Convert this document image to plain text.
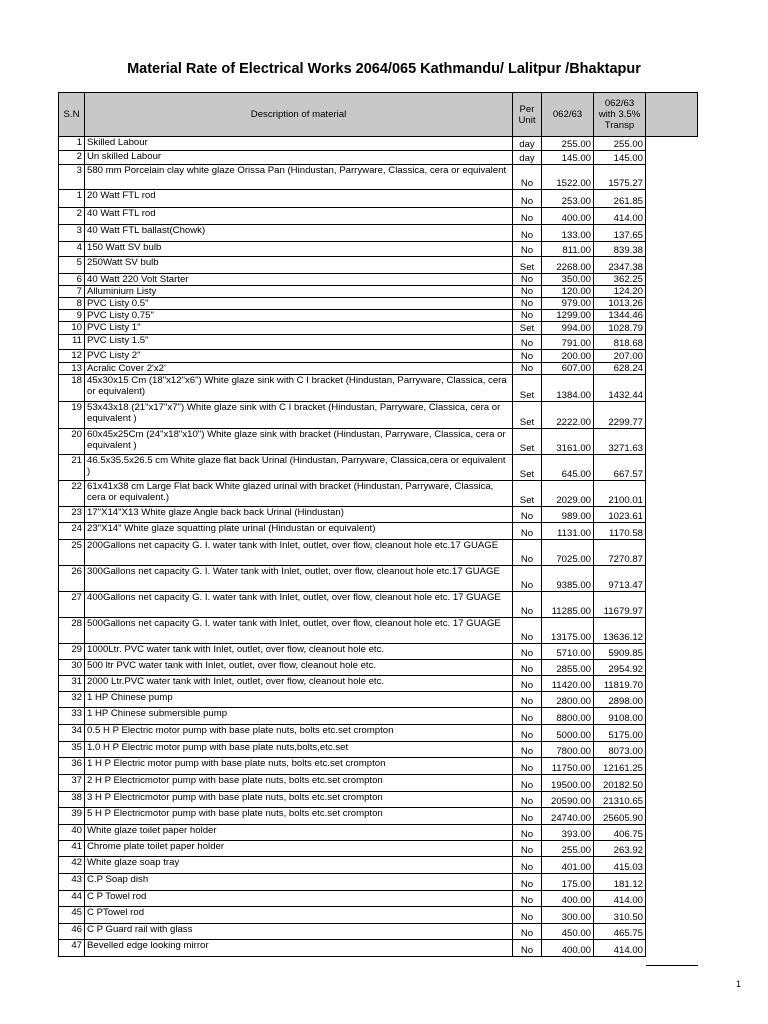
Material Rate of Electrical Works 2064/065 Kathmandu/ Lalitpur /Bhaktapur
S.N	Description of material	Per Unit	062/63	062/63 with 3.5% Transp	
1	Skilled Labour	day	255.00	255.00	
2	Un skilled Labour	day	145.00	145.00	
3	580 mm Porcelain clay white glaze Orissa Pan (Hindustan, Parryware, Classica, cera or equivalent	No	1522.00	1575.27	
1	20 Watt FTL rod	No	253.00	261.85	
2	40 Watt FTL rod	No	400.00	414.00	
3	40 Watt FTL ballast(Chowk)	No	133.00	137.65	
4	150 Watt SV bulb	No	811.00	839.38	
5	250Watt SV bulb	Set	2268.00	2347.38	
6	40 Watt 220 Volt Starter	No	350.00	362.25	
7	Alluminium Listy	No	120.00	124.20	
8	PVC Listy 0.5"	No	979.00	1013.26	
9	PVC Listy 0.75"	No	1299.00	1344.46	
10	PVC Listy 1"	Set	994.00	1028.79	
11	PVC Listy 1.5"	No	791.00	818.68	
12	PVC Listy 2"	No	200.00	207.00	
13	Acralic Cover 2'x2'	No	607.00	628.24	
18	45x30x15 Cm (18"x12"x6") White glaze sink with C I bracket (Hindustan, Parryware, Classica, cera or equivalent)	Set	1384.00	1432.44	
19	53x43x18 (21"x17"x7") White glaze sink with C I bracket (Hindustan, Parryware, Classica, cera or equivalent )	Set	2222.00	2299.77	
20	60x45x25Cm (24"x18"x10") White glaze sink with bracket (Hindustan, Parryware, Classica, cera or equivalent )	Set	3161.00	3271.63	
21	46.5x35.5x26.5 cm White glaze flat back Urinal (Hindustan, Parryware, Classica,cera or equivalent )	Set	645.00	667.57	
22	61x41x38 cm Large Flat back White glazed urinal with bracket (Hindustan, Parryware, Classica, cera or equivalent.)	Set	2029.00	2100.01	
23	17"X14"X13 White glaze Angle back back Urinal (Hindustan)	No	989.00	1023.61	
24	23"X14" White glaze squatting plate urinal (Hindustan or equivalent)	No	1131.00	1170.58	
25	200Gallons net capacity G. I. water tank with Inlet, outlet, over flow, cleanout hole etc.17 GUAGE	No	7025.00	7270.87	
26	300Gallons net capacity G. I. Water tank with Inlet, outlet, over flow, cleanout hole etc.17 GUAGE	No	9385.00	9713.47	
27	400Gallons net capacity G. I. water tank with Inlet, outlet, over flow, cleanout hole etc. 17 GUAGE	No	11285.00	11679.97	
28	500Gallons net capacity G. I. water tank with Inlet, outlet, over flow, cleanout hole etc. 17 GUAGE	No	13175.00	13636.12	
29	1000Ltr. PVC water tank with Inlet, outlet, over flow, cleanout hole etc.	No	5710.00	5909.85	
30	500 ltr PVC water tank with Inlet, outlet, over flow, cleanout hole etc.	No	2855.00	2954.92	
31	2000 Ltr.PVC water tank with Inlet, outlet, over flow, cleanout hole etc.	No	11420.00	11819.70	
32	1 HP Chinese pump	No	2800.00	2898.00	
33	1 HP Chinese submersible pump	No	8800.00	9108.00	
34	0.5 H P Electric motor pump with base plate nuts, bolts etc.set crompton	No	5000.00	5175.00	
35	1.0 H P Electric motor pump with base plate nuts,bolts,etc.set	No	7800.00	8073.00	
36	1 H P Electric motor pump with base plate nuts, bolts etc.set crompton	No	11750.00	12161.25	
37	2 H P Electricmotor pump with base plate nuts, bolts etc.set crompton	No	19500.00	20182.50	
38	3 H P Electricmotor pump with base plate nuts, bolts etc.set crompton	No	20590.00	21310.65	
39	5 H P Electricmotor pump with base plate nuts, bolts etc.set crompton	No	24740.00	25605.90	
40	White glaze toilet paper holder	No	393.00	406.75	
41	Chrome plate toilet paper holder	No	255.00	263.92	
42	White glaze soap tray	No	401.00	415.03	
43	C.P Soap dish	No	175.00	181.12	
44	C P Towel rod	No	400.00	414.00	
45	C PTowel rod	No	300.00	310.50	
46	C P Guard rail with glass	No	450.00	465.75	
47	Bevelled edge looking mirror	No	400.00	414.00	
1
